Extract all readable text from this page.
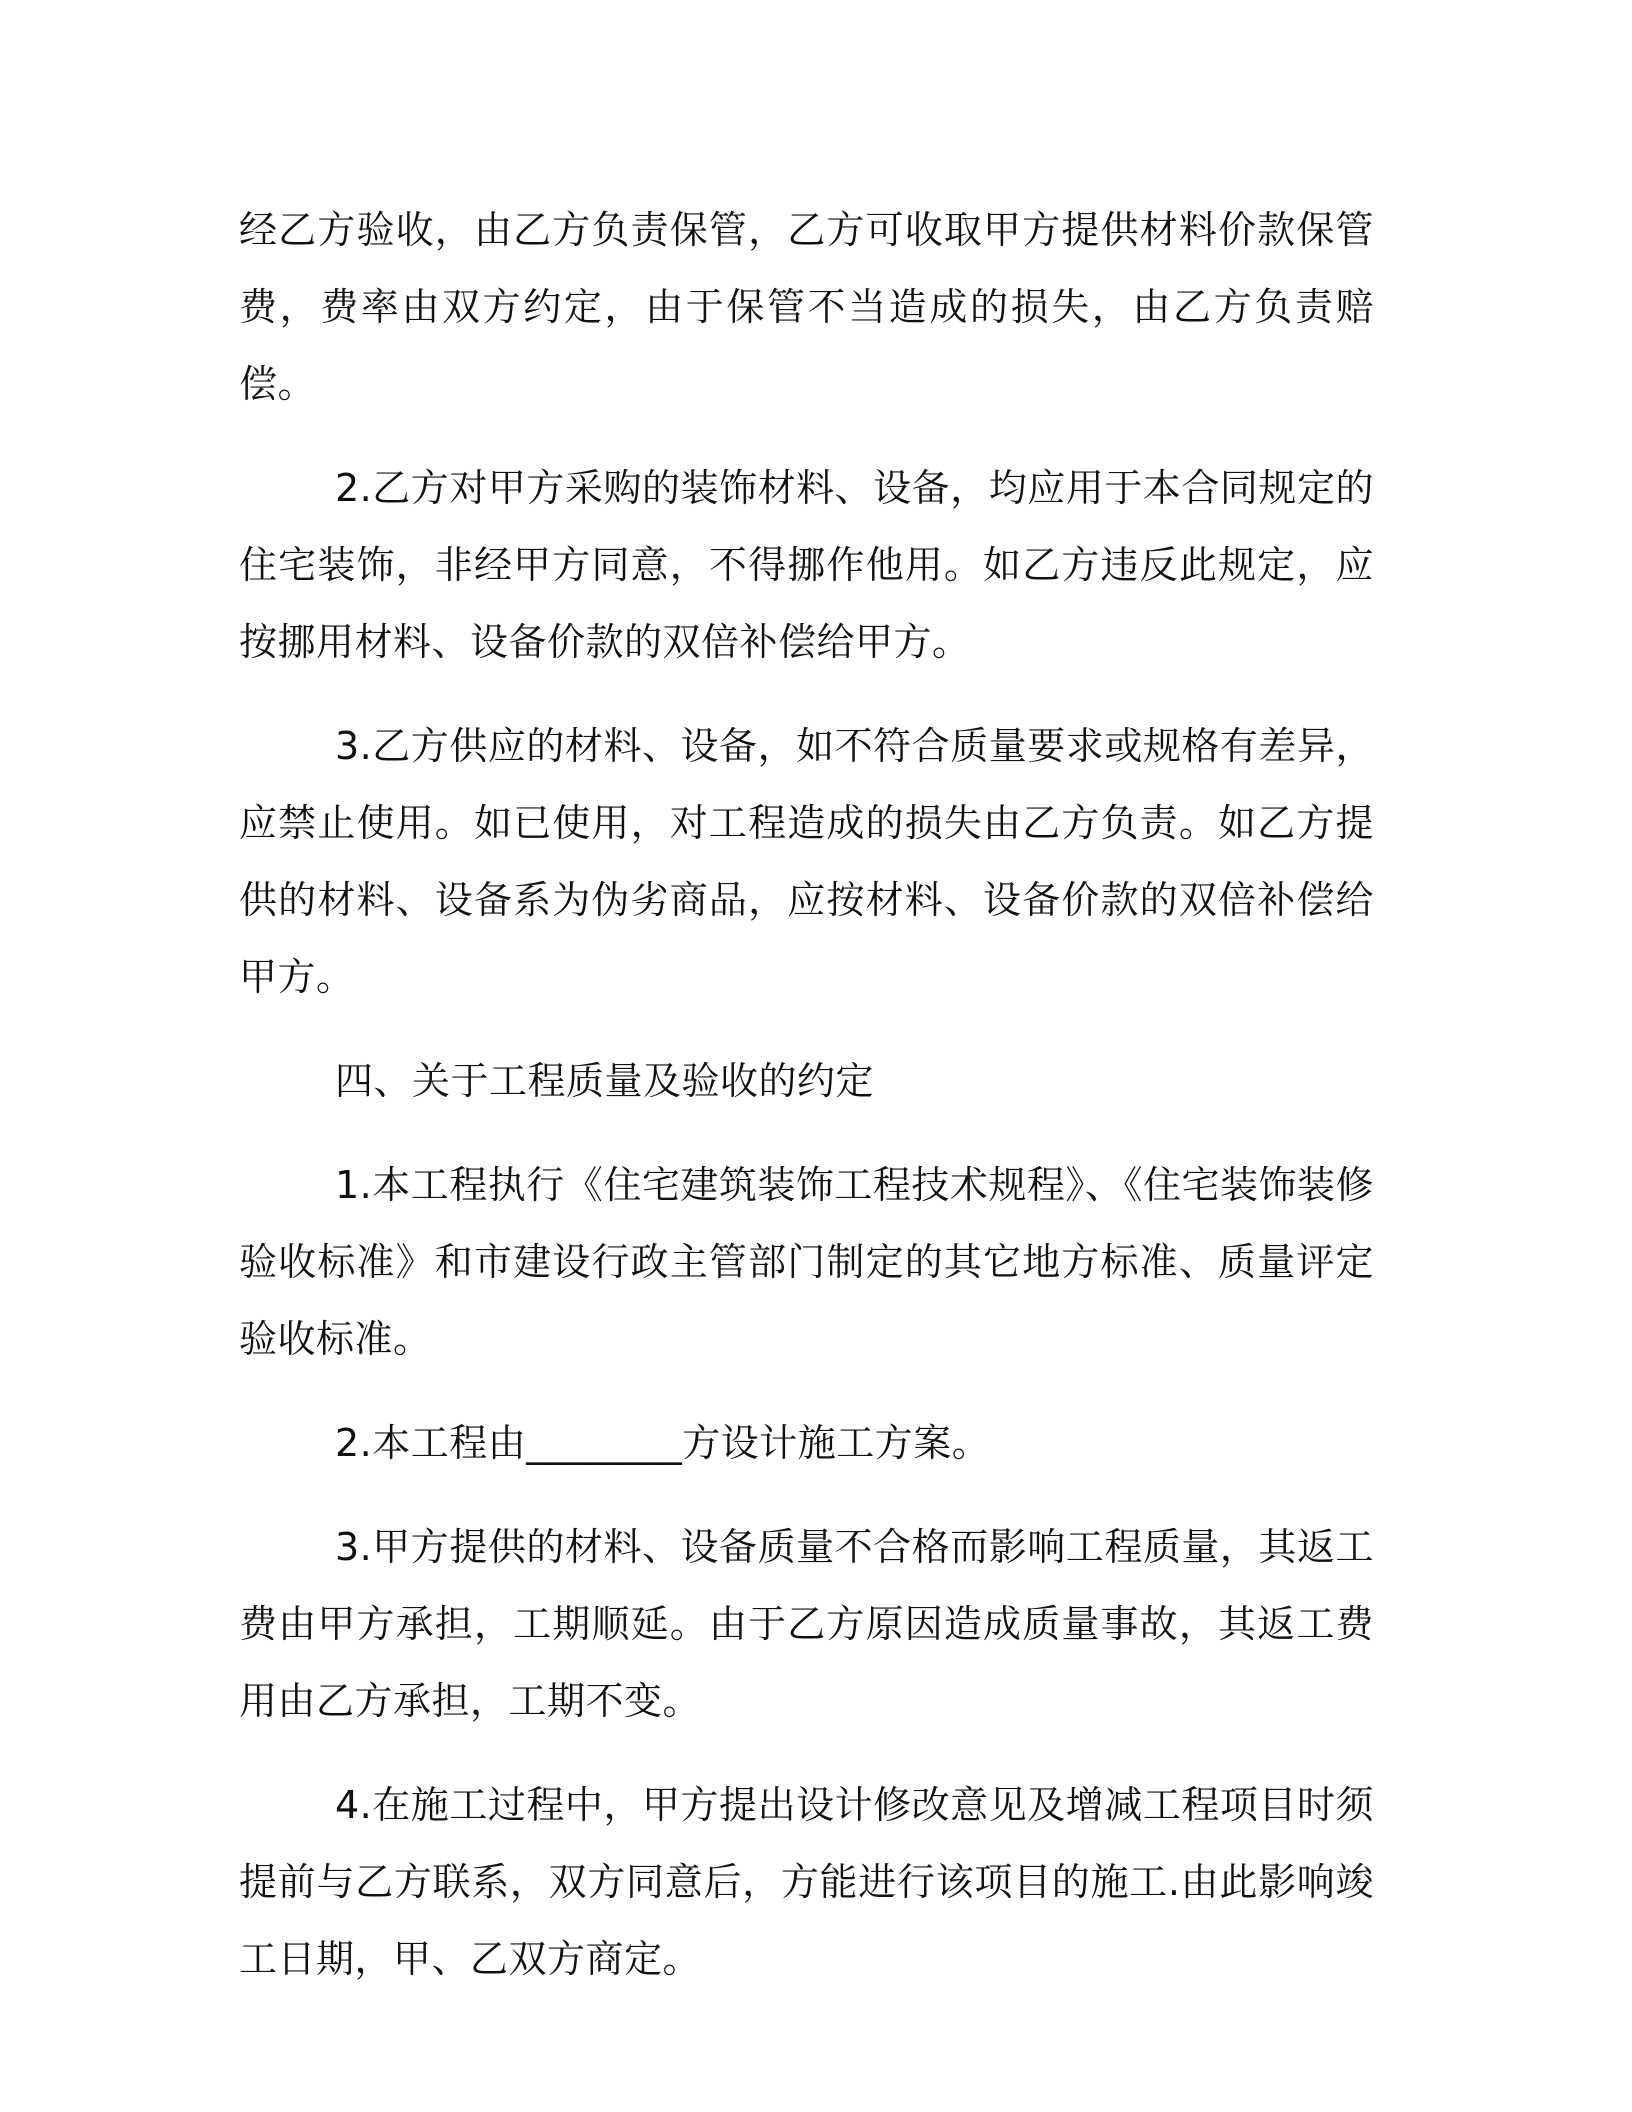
经乙方验收，由乙方负责保管，乙方可收取甲方提供材料价款保管费，费率由双方约定，由于保管不当造成的损失，由乙方负责赔偿。

2.乙方对甲方采购的装饰材料、设备，均应用于本合同规定的住宅装饰，非经甲方同意，不得挪作他用。如乙方违反此规定，应按挪用材料、设备价款的双倍补偿给甲方。

3.乙方供应的材料、设备，如不符合质量要求或规格有差异，应禁止使用。如已使用，对工程造成的损失由乙方负责。如乙方提供的材料、设备系为伪劣商品，应按材料、设备价款的双倍补偿给甲方。

四、关于工程质量及验收的约定

1.本工程执行《住宅建筑装饰工程技术规程》、《住宅装饰装修验收标准》和市建设行政主管部门制定的其它地方标准、质量评定验收标准。

2.本工程由________方设计施工方案。

3.甲方提供的材料、设备质量不合格而影响工程质量，其返工费由甲方承担，工期顺延。由于乙方原因造成质量事故，其返工费用由乙方承担，工期不变。

4.在施工过程中，甲方提出设计修改意见及增减工程项目时须提前与乙方联系，双方同意后，方能进行该项目的施工.由此影响竣工日期，甲、乙双方商定。
